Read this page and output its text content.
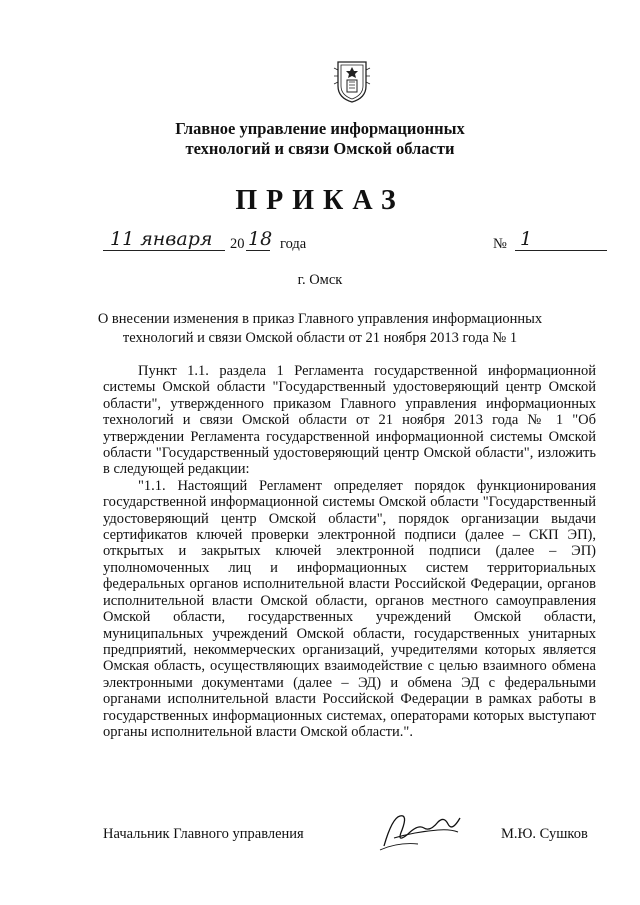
Главное управление информационных
технологий и связи Омской области
ПРИКАЗ
11 января 20 18 года	№ 1
г. Омск
О внесении изменения в приказ Главного управления информационных
технологий и связи Омской области от 21 ноября 2013 года № 1

Пункт 1.1. раздела 1 Регламента государственной информационной системы Омской области "Государственный удостоверяющий центр Омской области", утвержденного приказом Главного управления информационных технологий и связи Омской области от 21 ноября 2013 года № 1 "Об утверждении Регламента государственной информационной системы Омской области "Государственный удостоверяющий центр Омской области", изложить в следующей редакции:

"1.1. Настоящий Регламент определяет порядок функционирования государственной информационной системы Омской области "Государственный удостоверяющий центр Омской области", порядок организации выдачи сертификатов ключей проверки электронной подписи (далее – СКП ЭП), открытых и закрытых ключей электронной подписи (далее – ЭП) уполномоченных лиц и информационных систем территориальных федеральных органов исполнительной власти Российской Федерации, органов исполнительной власти Омской области, органов местного самоуправления Омской области, государственных учреждений Омской области, муниципальных учреждений Омской области, государственных унитарных предприятий, некоммерческих организаций, учредителями которых является Омская область, осуществляющих взаимодействие с целью взаимного обмена электронными документами (далее – ЭД) и обмена ЭД с федеральными органами исполнительной власти Российской Федерации в рамках работы в государственных информационных системах, операторами которых выступают органы исполнительной власти Омской области.".

Начальник Главного управления	М.Ю. Сушков
